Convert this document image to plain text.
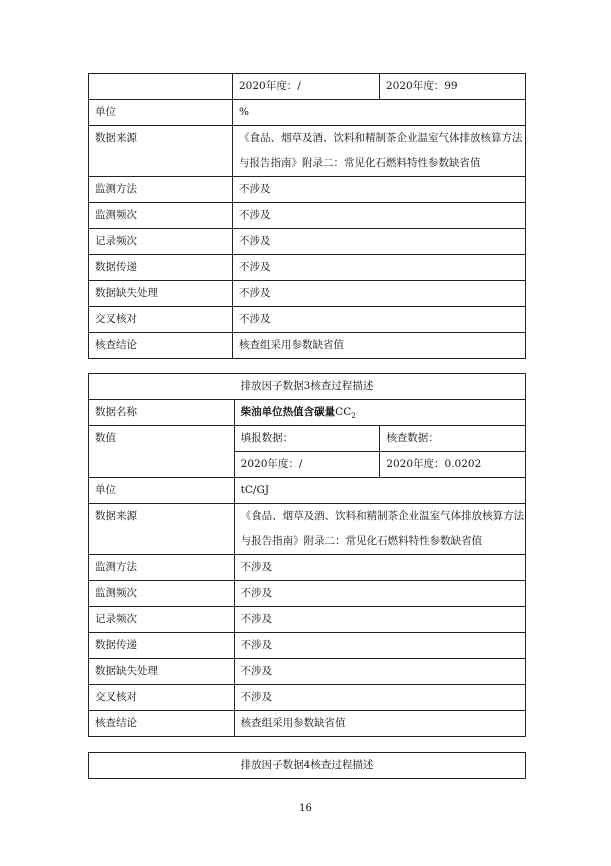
	2020年度：/	2020年度：99
单位	%	
数据来源	《食品、烟草及酒、饮料和精制茶企业温室气体排放核算方法与报告指南》附录二：常见化石燃料特性参数缺省值	
监测方法	不涉及	
监测频次	不涉及	
记录频次	不涉及	
数据传递	不涉及	
数据缺失处理	不涉及	
交叉核对	不涉及	
核查结论	核查组采用参数缺省值	
排放因子数据3核查过程描述		
数据名称	柴油单位热值含碳量$CC_2$
数值	填报数据：	核查数据：
	2020年度：/	2020年度：0.0202
单位	tC/GJ	
数据来源	《食品、烟草及酒、饮料和精制茶企业温室气体排放核算方法与报告指南》附录二：常见化石燃料特性参数缺省值	
监测方法	不涉及	
监测频次	不涉及	
记录频次	不涉及	
数据传递	不涉及	
数据缺失处理	不涉及	
交叉核对	不涉及	
核查结论	核查组采用参数缺省值	
排放因子数据4核查过程描述
16
